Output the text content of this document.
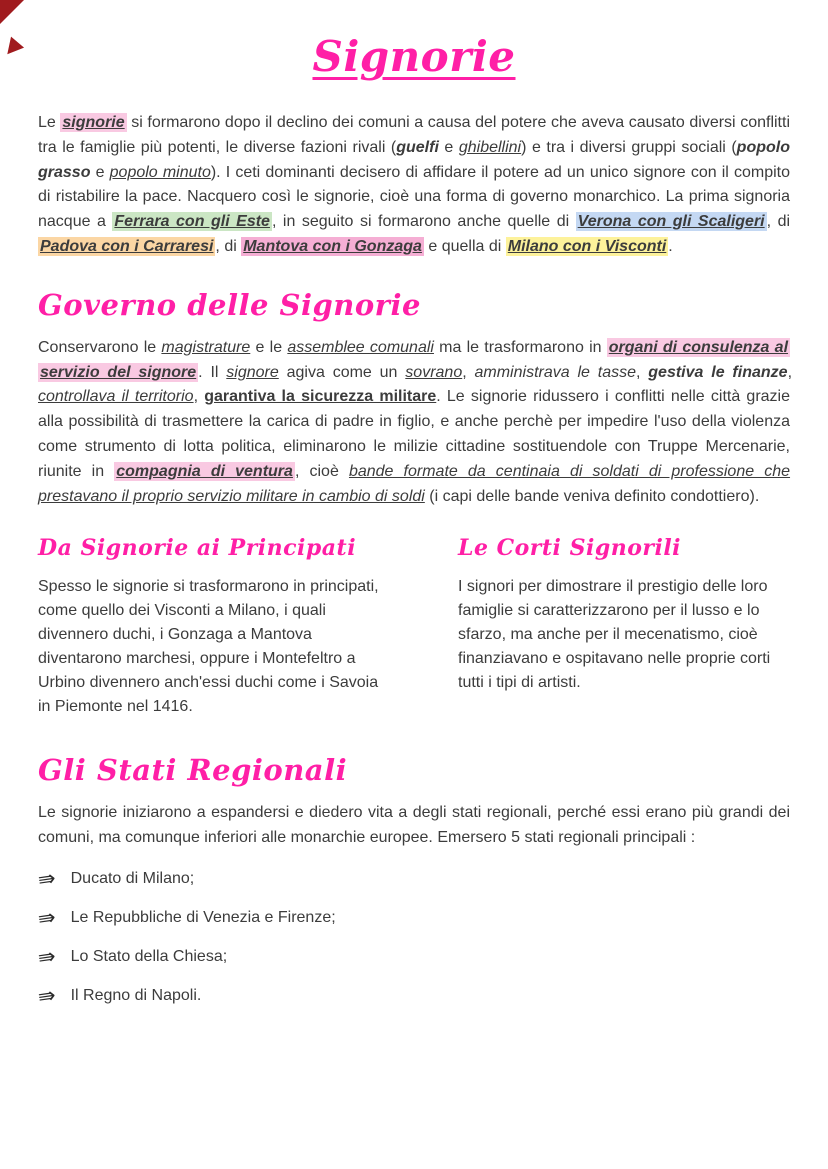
Signorie

Le signorie si formarono dopo il declino dei comuni a causa del potere che aveva causato diversi conflitti tra le famiglie più potenti, le diverse fazioni rivali (guelfi e ghibellini) e tra i diversi gruppi sociali (popolo grasso e popolo minuto). I ceti dominanti decisero di affidare il potere ad un unico signore con il compito di ristabilire la pace. Nacquero così le signorie, cioè una forma di governo monarchico. La prima signoria nacque a Ferrara con gli Este , in seguito si formarono anche quelle di Verona con gli Scaligeri , di Padova con i Carraresi , di Mantova con i Gonzaga e quella di Milano con i Visconti .

Governo delle Signorie

Conservarono le magistrature e le assemblee comunali ma le trasformarono in organi di consulenza al servizio del signore . Il signore agiva come un sovrano, amministrava le tasse, gestiva le finanze, controllava il territorio, garantiva la sicurezza militare. Le signorie ridussero i conflitti nelle città grazie alla possibilità di trasmettere la carica di padre in figlio, e anche perchè per impedire l'uso della violenza come strumento di lotta politica, eliminarono le milizie cittadine sostituendole con Truppe Mercenarie, riunite in compagnia di ventura , cioè bande formate da centinaia di soldati di professione che prestavano il proprio servizio militare in cambio di soldi (i capi delle bande veniva definito condottiero).

Da Signorie ai Principati

Spesso le signorie si trasformarono in principati, come quello dei Visconti a Milano, i quali divennero duchi, i Gonzaga a Mantova diventarono marchesi, oppure i Montefeltro a Urbino divennero anch'essi duchi come i Savoia in Piemonte nel 1416.

Le Corti Signorili

I signori per dimostrare il prestigio delle loro famiglie si caratterizzarono per il lusso e lo sfarzo, ma anche per il mecenatismo, cioè finanziavano e ospitavano nelle proprie corti tutti i tipi di artisti.

Gli Stati Regionali

Le signorie iniziarono a espandersi e diedero vita a degli stati regionali, perché essi erano più grandi dei comuni, ma comunque inferiori alle monarchie europee. Emersero 5 stati regionali principali :

⇛ Ducato di Milano;
⇛ Le Repubbliche di Venezia e Firenze;
⇛ Lo Stato della Chiesa;
⇛ Il Regno di Napoli.
